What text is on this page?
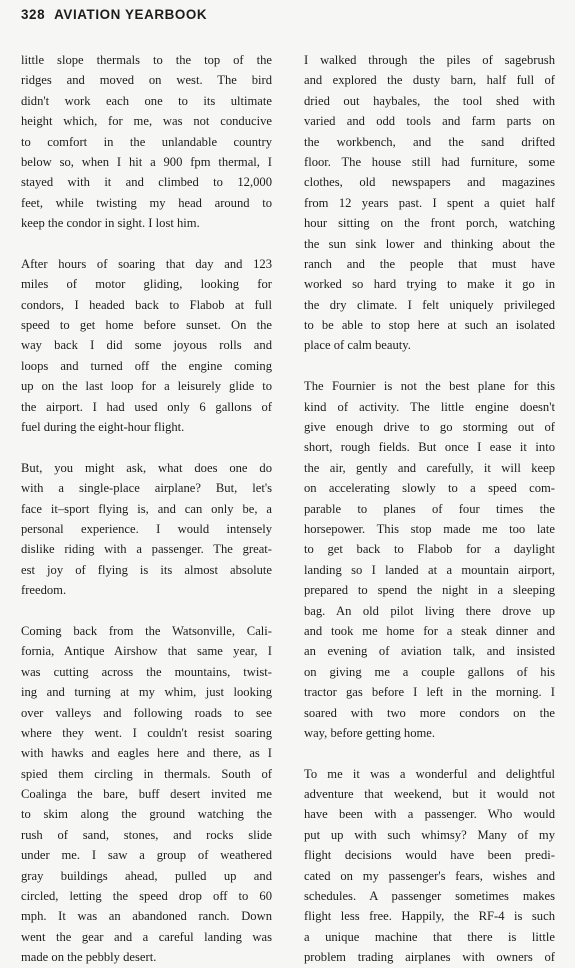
328 AVIATION YEARBOOK
little slope thermals to the top of the
ridges and moved on west. The bird
didn't work each one to its ultimate
height which, for me, was not conducive
to comfort in the unlandable country
below so, when I hit a 900 fpm thermal, I
stayed with it and climbed to 12,000
feet, while twisting my head around to
keep the condor in sight. I lost him.
After hours of soaring that day and 123
miles of motor gliding, looking for
condors, I headed back to Flabob at full
speed to get home before sunset. On the
way back I did some joyous rolls and
loops and turned off the engine coming
up on the last loop for a leisurely glide to
the airport. I had used only 6 gallons of
fuel during the eight-hour flight.
But, you might ask, what does one do
with a single-place airplane? But, let's
face it–sport flying is, and can only be, a
personal experience. I would intensely
dislike riding with a passenger. The great-
est joy of flying is its almost absolute
freedom.
Coming back from the Watsonville, Cali-
fornia, Antique Airshow that same year, I
was cutting across the mountains, twist-
ing and turning at my whim, just looking
over valleys and following roads to see
where they went. I couldn't resist soaring
with hawks and eagles here and there, as I
spied them circling in thermals. South of
Coalinga the bare, buff desert invited me
to skim along the ground watching the
rush of sand, stones, and rocks slide
under me. I saw a group of weathered
gray buildings ahead, pulled up and
circled, letting the speed drop off to 60
mph. It was an abandoned ranch. Down
went the gear and a careful landing was
made on the pebbly desert.
I walked through the piles of sagebrush
and explored the dusty barn, half full of
dried out haybales, the tool shed with
varied and odd tools and farm parts on
the workbench, and the sand drifted
floor. The house still had furniture, some
clothes, old newspapers and magazines
from 12 years past. I spent a quiet half
hour sitting on the front porch, watching
the sun sink lower and thinking about the
ranch and the people that must have
worked so hard trying to make it go in
the dry climate. I felt uniquely privileged
to be able to stop here at such an isolated
place of calm beauty.
The Fournier is not the best plane for this
kind of activity. The little engine doesn't
give enough drive to go storming out of
short, rough fields. But once I ease it into
the air, gently and carefully, it will keep
on accelerating slowly to a speed com-
parable to planes of four times the
horsepower. This stop made me too late
to get back to Flabob for a daylight
landing so I landed at a mountain airport,
prepared to spend the night in a sleeping
bag. An old pilot living there drove up
and took me home for a steak dinner and
an evening of aviation talk, and insisted
on giving me a couple gallons of his
tractor gas before I left in the morning. I
soared with two more condors on the
way, before getting home.
To me it was a wonderful and delightful
adventure that weekend, but it would not
have been with a passenger. Who would
put up with such whimsy? Many of my
flight decisions would have been predi-
cated on my passenger's fears, wishes and
schedules. A passenger sometimes makes
flight less free. Happily, the RF-4 is such
a unique machine that there is little
problem trading airplanes with owners of
